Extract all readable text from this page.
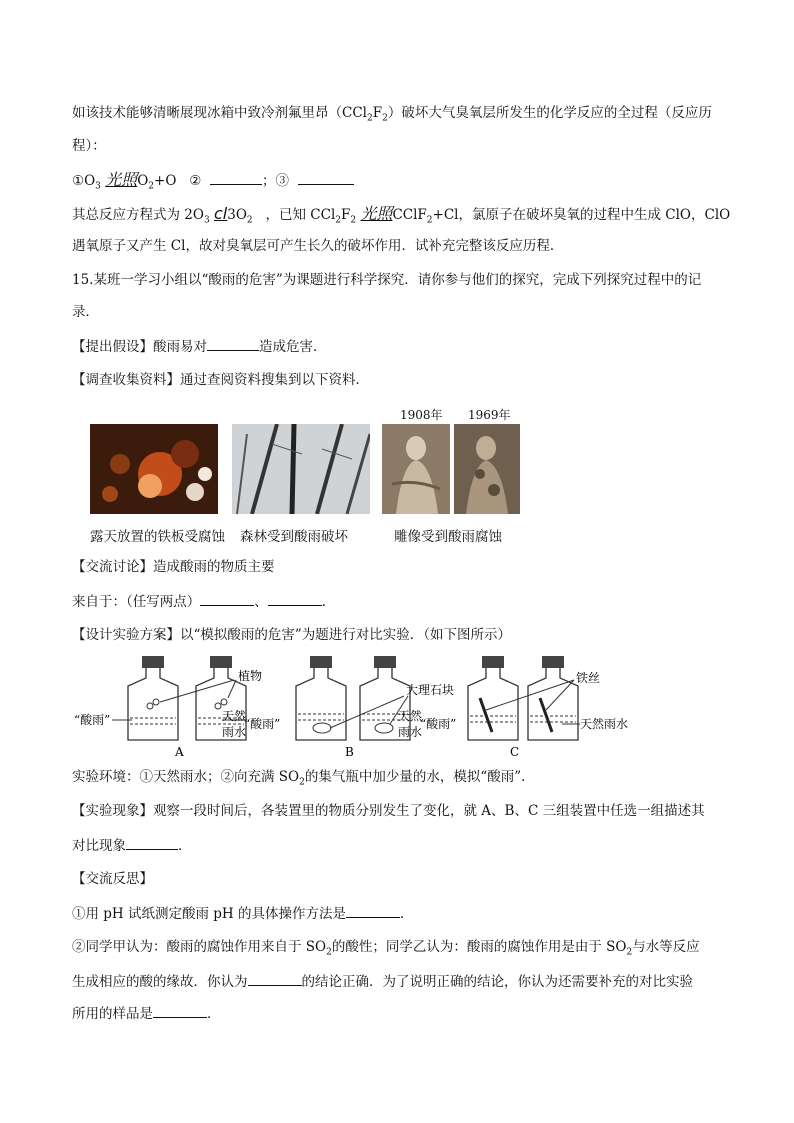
如该技术能够清晰展现冰箱中致冷剂氟里昂$(CCl_2F_2)$破坏大气臭氧层所发生的化学反应的全过程（反应历
程）：
$①O_3$ 光照$O_2+O$ ②	；③
其总反应方程式为 $2O_3$ $cl3O_2$ ，已知 $CCl_2F_2$ 光照CClF$_2$+Cl，氯原子在破坏臭氧的过程中生成 ClO，ClO
遇氧原子又产生 Cl，故对臭氧层可产生长久的破坏作用．试补充完整该反应历程．
15.某班一学习小组以“酸雨的危害”为课题进行科学探究．请你参与他们的探究，完成下列探究过程中的记
录．
【提出假设】酸雨易对	造成危害．
【调查收集资料】通过查阅资料搜集到以下资料．
1908年 1969年
露天放置的铁板受腐蚀 森林受到酸雨破坏	雕像受到酸雨腐蚀
【交流讨论】造成酸雨的物质主要
来自于：（任写两点）	、	．
【设计实验方案】以“模拟酸雨的危害”为题进行对比实验．（如下图所示）
植物
“酸雨”	天然
雨水
A
大理石块
“酸雨”
天然
雨水
B
铁丝
“酸雨”	天然雨水
C
实验环境：①天然雨水；②向充满 $SO_2$的集气瓶中加少量的水，模拟“酸雨”．
【实验现象】观察一段时间后，各装置里的物质分别发生了变化，就 A、B、C 三组装置中任选一组描述其
对比现象	．
【交流反思】
①用 pH 试纸测定酸雨 pH 的具体操作方法是	．
②同学甲认为：酸雨的腐蚀作用来自于 $SO_2$的酸性；同学乙认为：酸雨的腐蚀作用是由于 $SO_2$与水等反应
生成相应的酸的缘故．你认为	的结论正确．为了说明正确的结论，你认为还需要补充的对比实验
所用的样品是	．
